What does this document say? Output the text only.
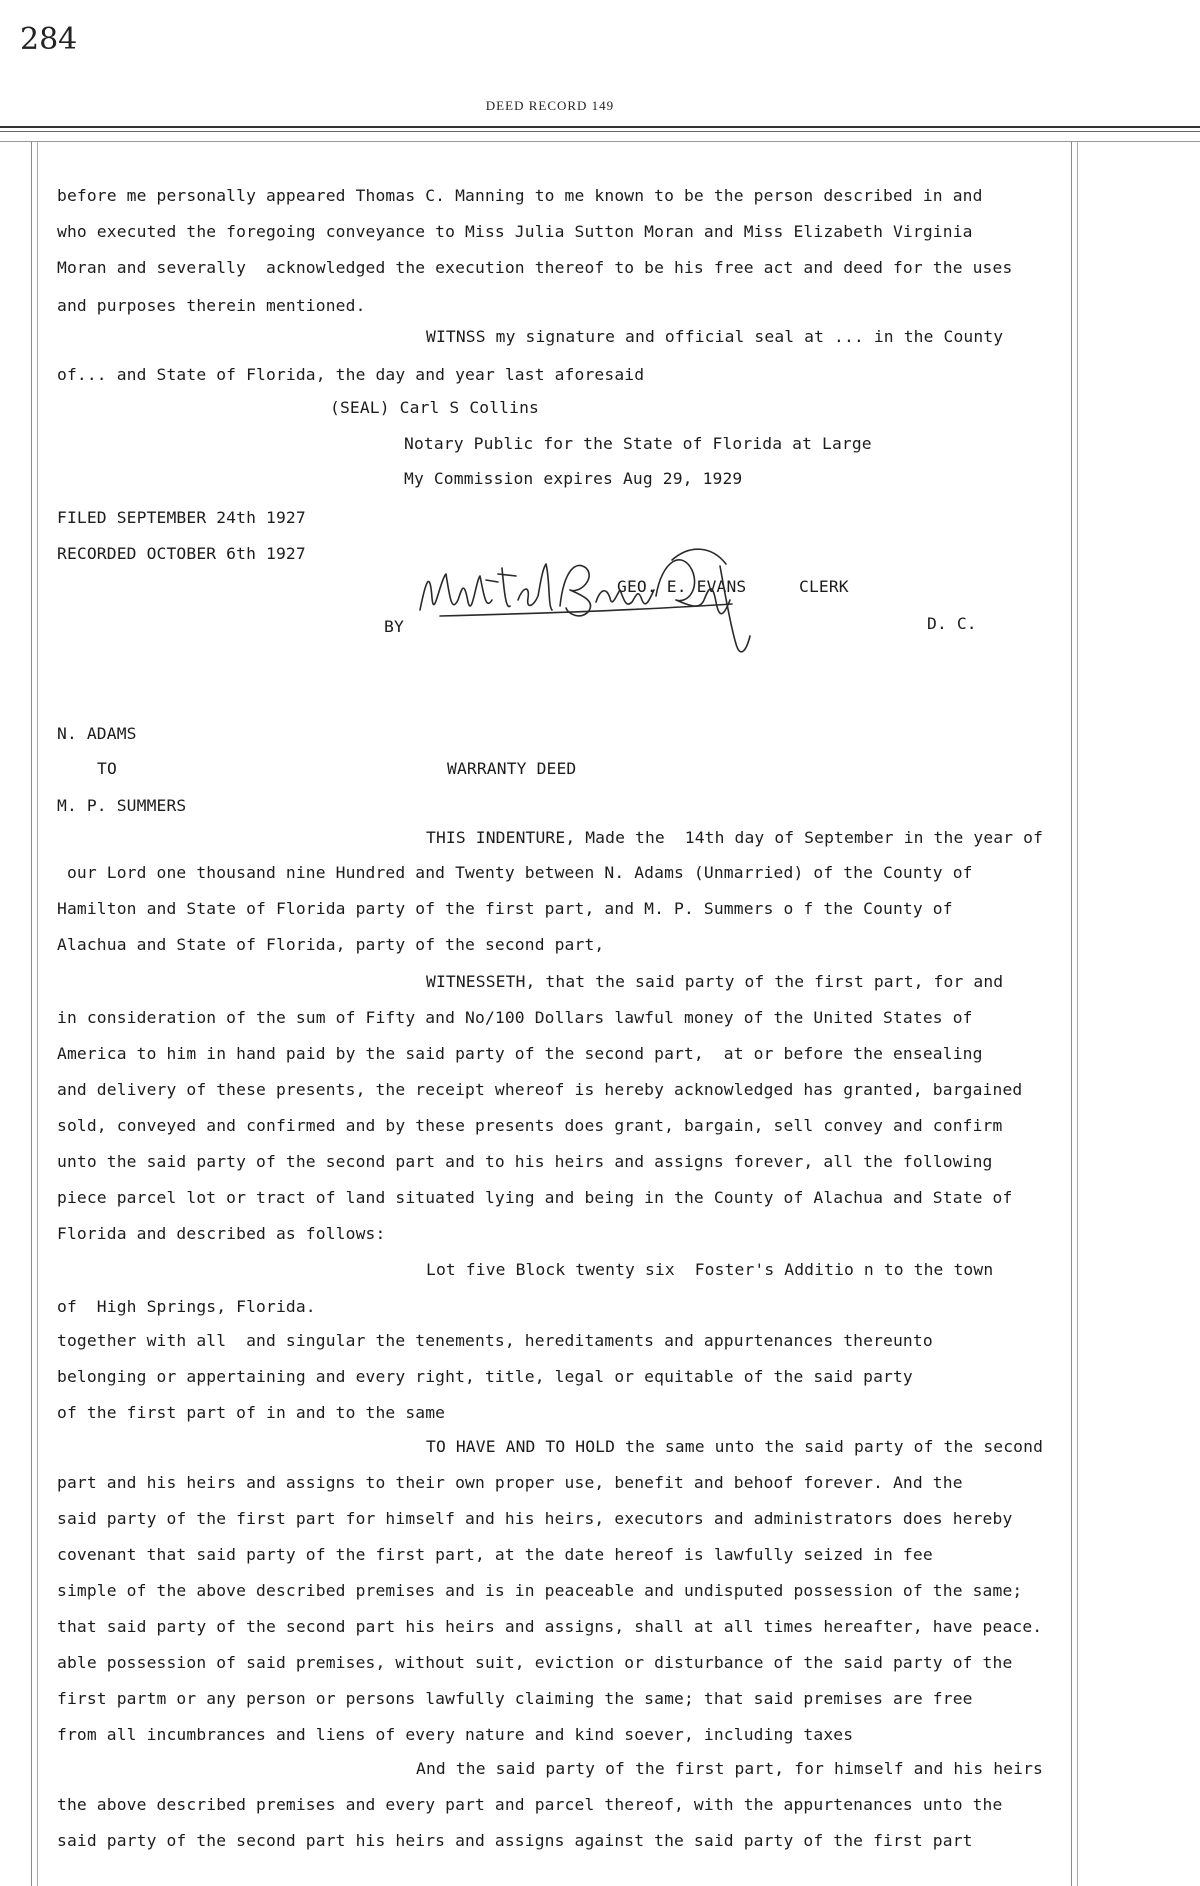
284
DEED RECORD 149
before me personally appeared Thomas C. Manning to me known to be the person described in and
who executed the foregoing conveyance to Miss Julia Sutton Moran and Miss Elizabeth Virginia
Moran and severally  acknowledged the execution thereof to be his free act and deed for the uses
and purposes therein mentioned.
WITNSS my signature and official seal at ... in the County
of... and State of Florida, the day and year last aforesaid
(SEAL) Carl S Collins
Notary Public for the State of Florida at Large
My Commission expires Aug 29, 1929
FILED SEPTEMBER 24th 1927
RECORDED OCTOBER 6th 1927
GEO. E. EVANS	CLERK
BY	D. C.
N. ADAMS
TO	WARRANTY DEED
M. P. SUMMERS
THIS INDENTURE, Made the  14th day of September in the year of
our Lord one thousand nine Hundred and Twenty between N. Adams (Unmarried) of the County of
Hamilton and State of Florida party of the first part, and M. P. Summers o f the County of
Alachua and State of Florida, party of the second part,
WITNESSETH, that the said party of the first part, for and
in consideration of the sum of Fifty and No/100 Dollars lawful money of the United States of
America to him in hand paid by the said party of the second part,  at or before the ensealing
and delivery of these presents, the receipt whereof is hereby acknowledged has granted, bargained
sold, conveyed and confirmed and by these presents does grant, bargain, sell convey and confirm
unto the said party of the second part and to his heirs and assigns forever, all the following
piece parcel lot or tract of land situated lying and being in the County of Alachua and State of
Florida and described as follows:
Lot five Block twenty six  Foster's Additio n to the town
of  High Springs, Florida.
together with all  and singular the tenements, hereditaments and appurtenances thereunto
belonging or appertaining and every right, title, legal or equitable of the said party
of the first part of in and to the same
TO HAVE AND TO HOLD the same unto the said party of the second
part and his heirs and assigns to their own proper use, benefit and behoof forever. And the
said party of the first part for himself and his heirs, executors and administrators does hereby
covenant that said party of the first part, at the date hereof is lawfully seized in fee
simple of the above described premises and is in peaceable and undisputed possession of the same;
that said party of the second part his heirs and assigns, shall at all times hereafter, have peace.
able possession of said premises, without suit, eviction or disturbance of the said party of the
first partm or any person or persons lawfully claiming the same; that said premises are free
from all incumbrances and liens of every nature and kind soever, including taxes
And the said party of the first part, for himself and his heirs
the above described premises and every part and parcel thereof, with the appurtenances unto the
said party of the second part his heirs and assigns against the said party of the first part
